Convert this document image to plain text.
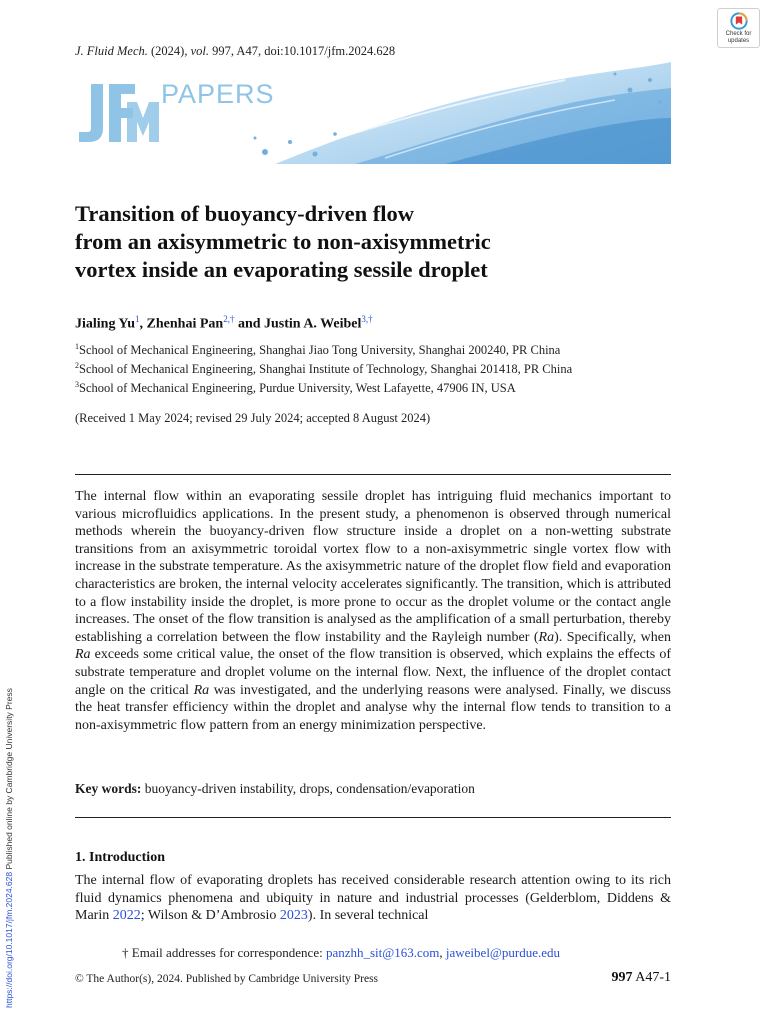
J. Fluid Mech. (2024), vol. 997, A47, doi:10.1017/jfm.2024.628
Check for
updates
PAPERS
Transition of buoyancy-driven flow
from an axisymmetric to non-axisymmetric
vortex inside an evaporating sessile droplet
Jialing Yu$^1$, Zhenhai Pan$^{2,\dagger}$ and Justin A. Weibel$^{3,\dagger}$
$^1$School of Mechanical Engineering, Shanghai Jiao Tong University, Shanghai 200240, PR China
$^2$School of Mechanical Engineering, Shanghai Institute of Technology, Shanghai 201418, PR China
$^3$School of Mechanical Engineering, Purdue University, West Lafayette, 47906 IN, USA
(Received 1 May 2024; revised 29 July 2024; accepted 8 August 2024)
The internal flow within an evaporating sessile droplet has intriguing fluid mechanics important to various microfluidics applications. In the present study, a phenomenon is observed through numerical methods wherein the buoyancy-driven flow structure inside a droplet on a non-wetting substrate transitions from an axisymmetric toroidal vortex flow to a non-axisymmetric single vortex flow with increase in the substrate temperature. As the axisymmetric nature of the droplet flow field and evaporation characteristics are broken, the internal velocity accelerates significantly. The transition, which is attributed to a flow instability inside the droplet, is more prone to occur as the droplet volume or the contact angle increases. The onset of the flow transition is analysed as the amplification of a small perturbation, thereby establishing a correlation between the flow instability and the Rayleigh number (Ra). Specifically, when Ra exceeds some critical value, the onset of the flow transition is observed, which explains the effects of substrate temperature and droplet volume on the internal flow. Next, the influence of the droplet contact angle on the critical Ra was investigated, and the underlying reasons were analysed. Finally, we discuss the heat transfer efficiency within the droplet and analyse why the internal flow tends to transition to a non-axisymmetric flow pattern from an energy minimization perspective.
Key words: buoyancy-driven instability, drops, condensation/evaporation
1. Introduction
The internal flow of evaporating droplets has received considerable research attention owing to its rich fluid dynamics phenomena and ubiquity in nature and industrial processes (Gelderblom, Diddens & Marin 2022; Wilson & D’Ambrosio 2023). In several technical
† Email addresses for correspondence: panzhh_sit@163.com, jaweibel@purdue.edu
© The Author(s), 2024. Published by Cambridge University Press	997 A47-1
https://doi.org/10.1017/jfm.2024.628 Published online by Cambridge University Press
